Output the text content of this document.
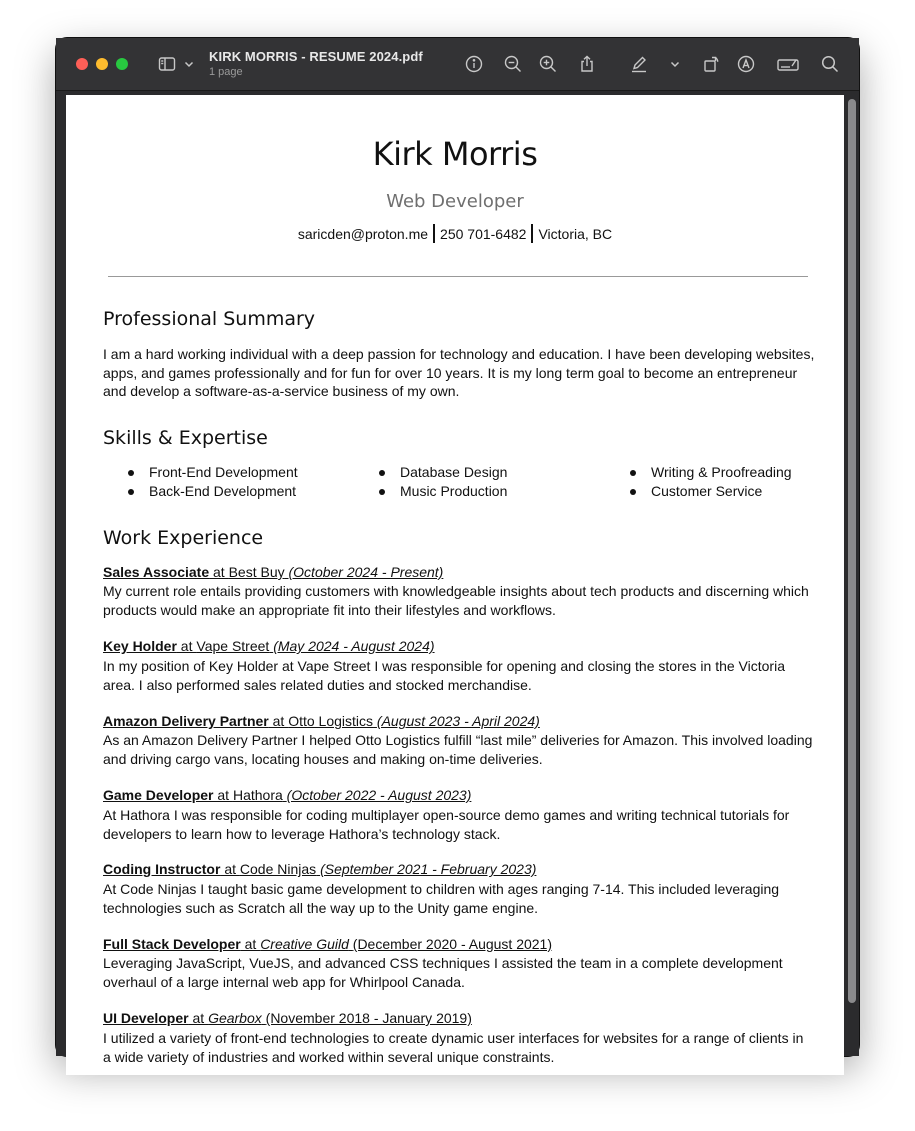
KIRK MORRIS - RESUME 2024.pdf
1 page
Kirk Morris
Web Developer
saricden@proton.me 250 701-6482 Victoria, BC
Professional Summary
I am a hard working individual with a deep passion for technology and education. I have been developing websites, apps, and games professionally and for fun for over 10 years. It is my long term goal to become an entrepreneur and develop a software-as-a-service business of my own.
Skills & Expertise
Front-End Development
Back-End Development
Database Design
Music Production
Writing & Proofreading
Customer Service
Work Experience
Sales Associate at Best Buy (October 2024 - Present)
My current role entails providing customers with knowledgeable insights about tech products and discerning which products would make an appropriate fit into their lifestyles and workflows.
Key Holder at Vape Street (May 2024 - August 2024)
In my position of Key Holder at Vape Street I was responsible for opening and closing the stores in the Victoria area. I also performed sales related duties and stocked merchandise.
Amazon Delivery Partner at Otto Logistics (August 2023 - April 2024)
As an Amazon Delivery Partner I helped Otto Logistics fulfill “last mile” deliveries for Amazon. This involved loading and driving cargo vans, locating houses and making on-time deliveries.
Game Developer at Hathora (October 2022 - August 2023)
At Hathora I was responsible for coding multiplayer open-source demo games and writing technical tutorials for developers to learn how to leverage Hathora’s technology stack.
Coding Instructor at Code Ninjas (September 2021 - February 2023)
At Code Ninjas I taught basic game development to children with ages ranging 7-14. This included leveraging technologies such as Scratch all the way up to the Unity game engine.
Full Stack Developer at Creative Guild (December 2020 - August 2021)
Leveraging JavaScript, VueJS, and advanced CSS techniques I assisted the team in a complete development overhaul of a large internal web app for Whirlpool Canada.
UI Developer at Gearbox (November 2018 - January 2019)
I utilized a variety of front-end technologies to create dynamic user interfaces for websites for a range of clients in a wide variety of industries and worked within several unique constraints.
